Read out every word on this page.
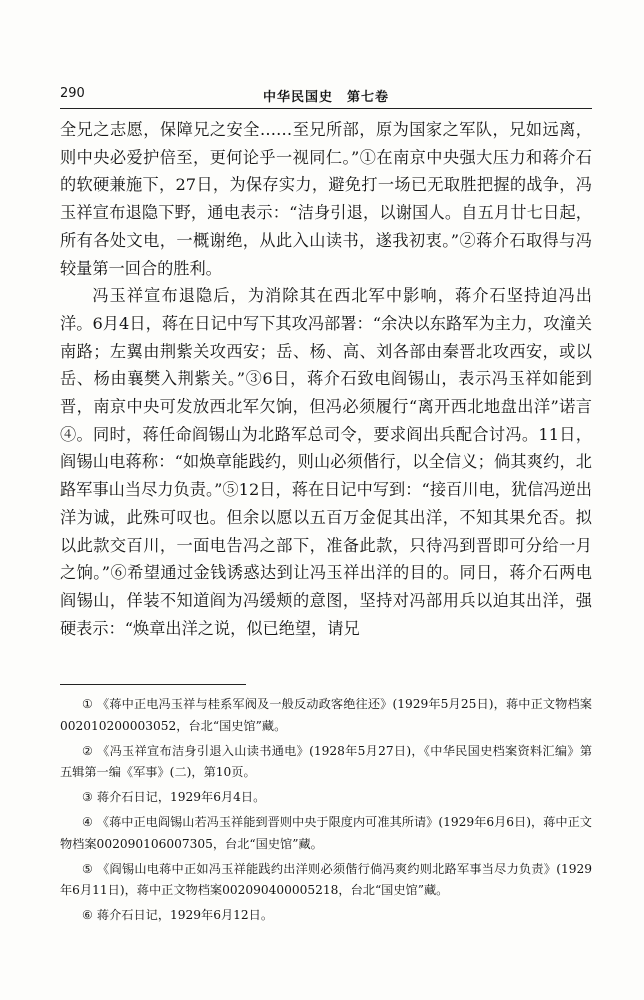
290	中华民国史　第七卷

全兄之志愿，保障兄之安全……至兄所部，原为国家之军队，兄如远离，则中央必爱护倍至，更何论乎一视同仁。”①在南京中央强大压力和蒋介石的软硬兼施下，27日，为保存实力，避免打一场已无取胜把握的战争，冯玉祥宣布退隐下野，通电表示：“洁身引退，以谢国人。自五月廿七日起，所有各处文电，一概谢绝，从此入山读书，遂我初衷。”②蒋介石取得与冯较量第一回合的胜利。

冯玉祥宣布退隐后，为消除其在西北军中影响，蒋介石坚持迫冯出洋。6月4日，蒋在日记中写下其攻冯部署：“余决以东路军为主力，攻潼关南路；左翼由荆紫关攻西安；岳、杨、高、刘各部由秦晋北攻西安，或以岳、杨由襄樊入荆紫关。”③6日，蒋介石致电阎锡山，表示冯玉祥如能到晋，南京中央可发放西北军欠饷，但冯必须履行“离开西北地盘出洋”诺言④。同时，蒋任命阎锡山为北路军总司令，要求阎出兵配合讨冯。11日，阎锡山电蒋称：“如焕章能践约，则山必须偕行，以全信义；倘其爽约，北路军事山当尽力负责。”⑤12日，蒋在日记中写到：“接百川电，犹信冯逆出洋为诚，此殊可叹也。但余以愿以五百万金促其出洋，不知其果允否。拟以此款交百川，一面电告冯之部下，准备此款，只待冯到晋即可分给一月之饷。”⑥希望通过金钱诱惑达到让冯玉祥出洋的目的。同日，蒋介石两电阎锡山，佯装不知道阎为冯缓颊的意图，坚持对冯部用兵以迫其出洋，强硬表示：“焕章出洋之说，似已绝望，请兄

① 《蒋中正电冯玉祥与桂系军阀及一般反动政客绝往还》(1929年5月25日)，蒋中正文物档案002010200003052，台北“国史馆”藏。

② 《冯玉祥宣布洁身引退入山读书通电》(1928年5月27日)，《中华民国史档案资料汇编》第五辑第一编《军事》(二)，第10页。

③ 蒋介石日记，1929年6月4日。

④ 《蒋中正电阎锡山若冯玉祥能到晋则中央于限度内可准其所请》(1929年6月6日)，蒋中正文物档案002090106007305，台北“国史馆”藏。

⑤ 《阎锡山电蒋中正如冯玉祥能践约出洋则必须偕行倘冯爽约则北路军事当尽力负责》(1929年6月11日)，蒋中正文物档案002090400005218，台北“国史馆”藏。

⑥ 蒋介石日记，1929年6月12日。
